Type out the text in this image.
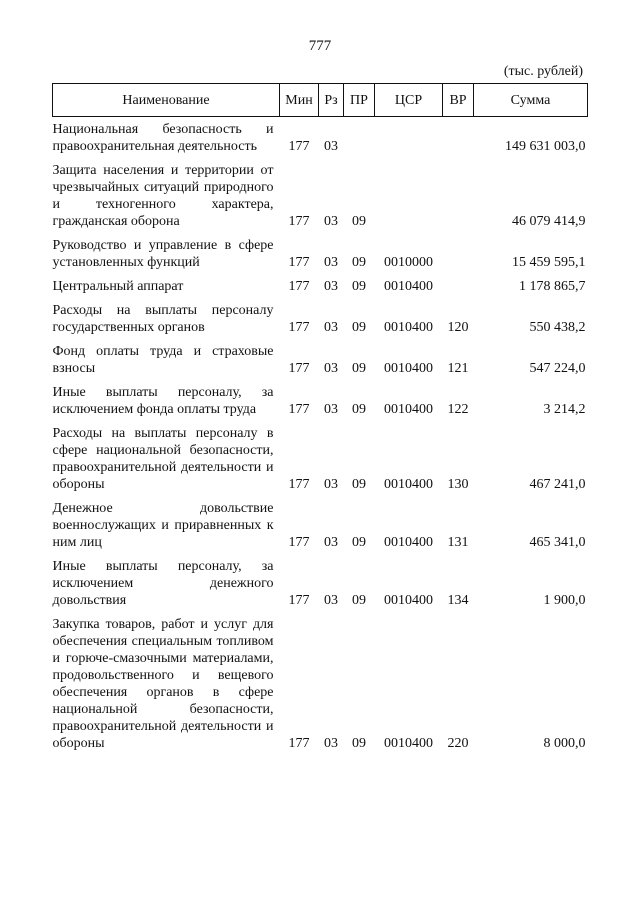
777
(тыс. рублей)
Наименование	Мин	Рз	ПР	ЦСР	ВР	Сумма
Национальная безопасность и правоохранительная деятельность	177	03				149 631 003,0
Защита населения и территории от чрезвычайных ситуаций природного и техногенного характера, гражданская оборона	177	03	09			46 079 414,9
Руководство и управление в сфере установленных функций	177	03	09	0010000		15 459 595,1
Центральный аппарат	177	03	09	0010400		1 178 865,7
Расходы на выплаты персоналу государственных органов	177	03	09	0010400	120	550 438,2
Фонд оплаты труда и страховые взносы	177	03	09	0010400	121	547 224,0
Иные выплаты персоналу, за исключением фонда оплаты труда	177	03	09	0010400	122	3 214,2
Расходы на выплаты персоналу в сфере национальной безопасности, правоохранительной деятельности и обороны	177	03	09	0010400	130	467 241,0
Денежное довольствие военнослужащих и приравненных к ним лиц	177	03	09	0010400	131	465 341,0
Иные выплаты персоналу, за исключением денежного довольствия	177	03	09	0010400	134	1 900,0
Закупка товаров, работ и услуг для обеспечения специальным топливом и горюче-смазочными материалами, продовольственного и вещевого обеспечения органов в сфере национальной безопасности, правоохранительной деятельности и обороны	177	03	09	0010400	220	8 000,0
